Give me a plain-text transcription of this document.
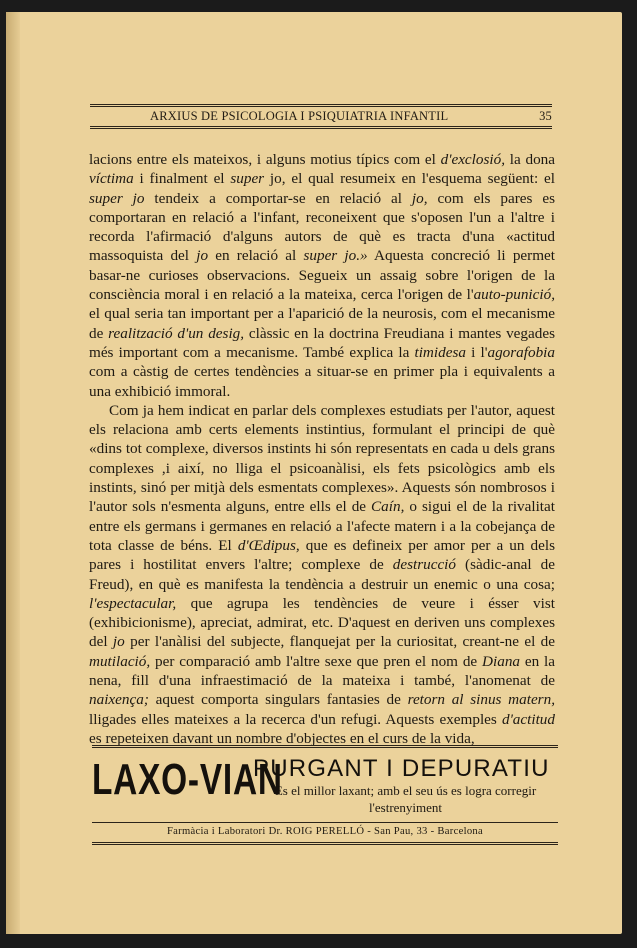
ARXIUS DE PSICOLOGIA I PSIQUIATRIA INFANTIL	35

lacions entre els mateixos, i alguns motius típics com el d'exclosió, la dona víctima i finalment el super jo, el qual resumeix en l'esquema següent: el super jo tendeix a comportar-se en relació al jo, com els pares es comportaran en relació a l'infant, reconeixent que s'oposen l'un a l'altre i recorda l'afirmació d'alguns autors de què es tracta d'una «actitud massoquista del jo en relació al super jo.» Aquesta concreció li permet basar-ne curioses observacions. Segueix un assaig sobre l'origen de la consciència moral i en relació a la mateixa, cerca l'origen de l'auto-punició, el qual seria tan important per a l'aparició de la neurosis, com el mecanisme de realització d'un desig, clàssic en la doctrina Freudiana i mantes vegades més important com a mecanisme. També explica la timidesa i l'agorafobia com a càstig de certes tendències a situar-se en primer pla i equivalents a una exhibició immoral.

Com ja hem indicat en parlar dels complexes estudiats per l'autor, aquest els relaciona amb certs elements instintius, formulant el principi de què «dins tot complexe, diversos instints hi són representats en cada u dels grans complexes ,i així, no lliga el psicoanàlisi, els fets psicològics amb els instints, sinó per mitjà dels esmentats complexes». Aquests són nombrosos i l'autor sols n'esmenta alguns, entre ells el de Caín, o sigui el de la rivalitat entre els germans i germanes en relació a l'afecte matern i a la cobejança de tota classe de béns. El d'Œdipus, que es defineix per amor per a un dels pares i hostilitat envers l'altre; complexe de destrucció (sàdic-anal de Freud), en què es manifesta la tendència a destruir un enemic o una cosa; l'espectacular, que agrupa les tendències de veure i ésser vist (exhibicionisme), apreciat, admirat, etc. D'aquest en deriven uns complexes del jo per l'anàlisi del subjecte, flanquejat per la curiositat, creant-ne el de mutilació, per comparació amb l'altre sexe que pren el nom de Diana en la nena, fill d'una infraestimació de la mateixa i també, l'anomenat de naixença; aquest comporta singulars fantasies de retorn al sinus matern, lligades elles mateixes a la recerca d'un refugi. Aquests exemples d'actitud es repeteixen davant un nombre d'objectes en el curs de la vida,

LAXO-VIAN
PURGANT I DEPURATIU
Es el millor laxant; amb el seu ús es logra corregir l'estrenyiment
Farmàcia i Laboratori Dr. ROIG PERELLÓ - San Pau, 33 - Barcelona
